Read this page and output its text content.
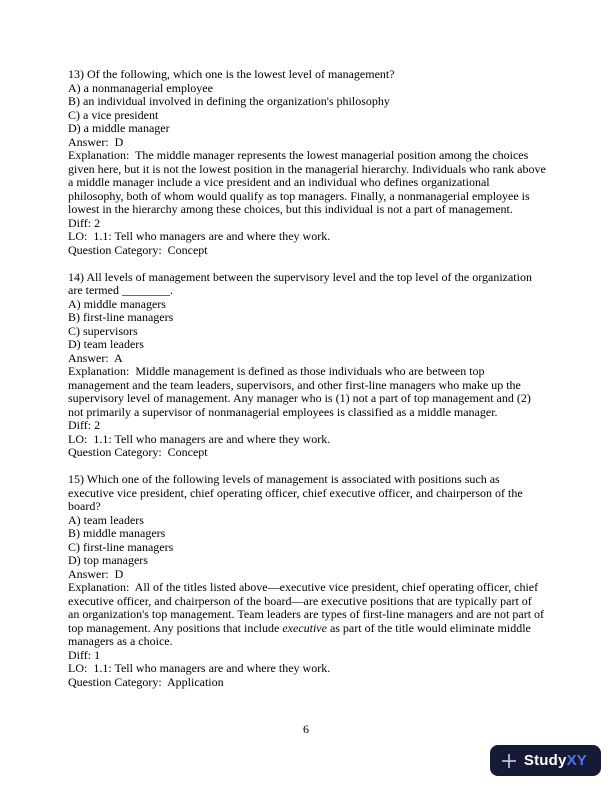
13) Of the following, which one is the lowest level of management?

A) a nonmanagerial employee

B) an individual involved in defining the organization's philosophy

C) a vice president

D) a middle manager

Answer:  D

Explanation:  The middle manager represents the lowest managerial position among the choices given here, but it is not the lowest position in the managerial hierarchy. Individuals who rank above a middle manager include a vice president and an individual who defines organizational philosophy, both of whom would qualify as top managers. Finally, a nonmanagerial employee is lowest in the hierarchy among these choices, but this individual is not a part of management.

Diff: 2

LO:  1.1: Tell who managers are and where they work.

Question Category:  Concept

14) All levels of management between the supervisory level and the top level of the organization are termed ________.

A) middle managers

B) first-line managers

C) supervisors

D) team leaders

Answer:  A

Explanation:  Middle management is defined as those individuals who are between top management and the team leaders, supervisors, and other first-line managers who make up the supervisory level of management. Any manager who is (1) not a part of top management and (2) not primarily a supervisor of nonmanagerial employees is classified as a middle manager.

Diff: 2

LO:  1.1: Tell who managers are and where they work.

Question Category:  Concept

15) Which one of the following levels of management is associated with positions such as executive vice president, chief operating officer, chief executive officer, and chairperson of the board?

A) team leaders

B) middle managers

C) first-line managers

D) top managers

Answer:  D

Explanation:  All of the titles listed above—executive vice president, chief operating officer, chief executive officer, and chairperson of the board—are executive positions that are typically part of an organization's top management. Team leaders are types of first-line managers and are not part of top management. Any positions that include executive as part of the title would eliminate middle managers as a choice.

Diff: 1

LO:  1.1: Tell who managers are and where they work.

Question Category:  Application

6
StudyXY
